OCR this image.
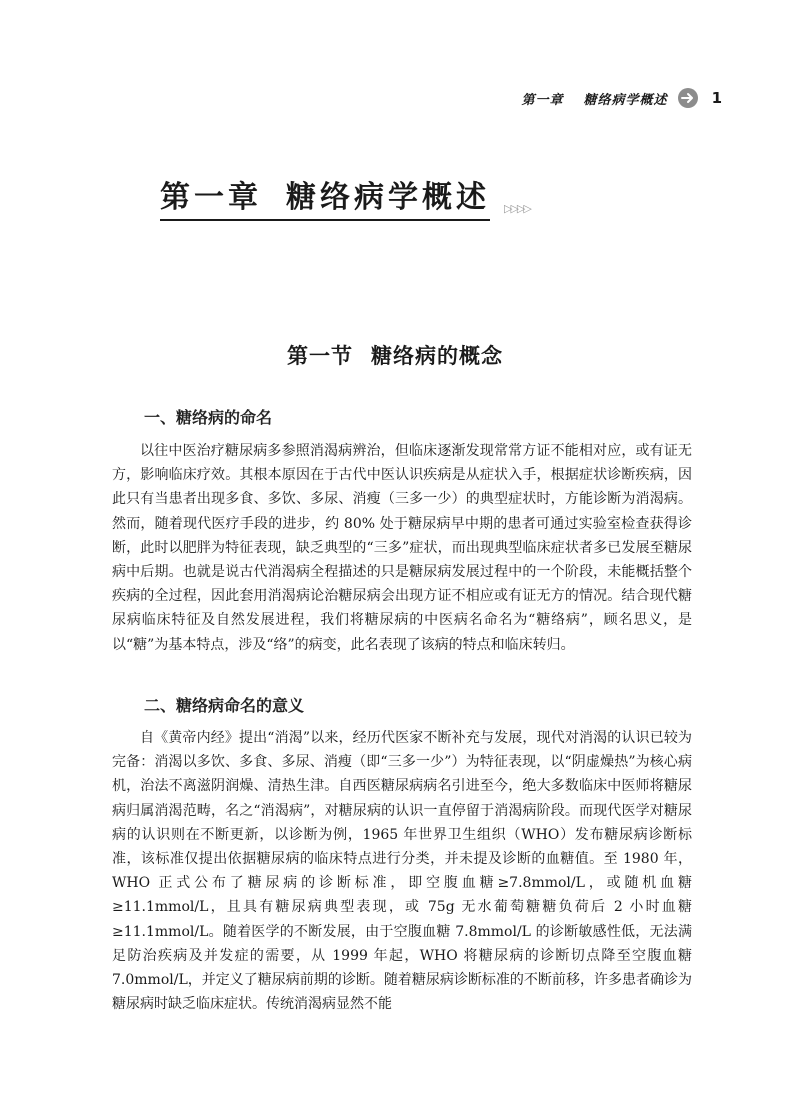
第一章 糖络病学概述	1
第一章 糖络病学概述 ▷▷▷▷
第一节 糖络病的概念
一、糖络病的命名

以往中医治疗糖尿病多参照消渴病辨治，但临床逐渐发现常常方证不能相对应，或有证无方，影响临床疗效。其根本原因在于古代中医认识疾病是从症状入手，根据症状诊断疾病，因此只有当患者出现多食、多饮、多尿、消瘦（三多一少）的典型症状时，方能诊断为消渴病。然而，随着现代医疗手段的进步，约 80% 处于糖尿病早中期的患者可通过实验室检查获得诊断，此时以肥胖为特征表现，缺乏典型的“三多”症状，而出现典型临床症状者多已发展至糖尿病中后期。也就是说古代消渴病全程描述的只是糖尿病发展过程中的一个阶段，未能概括整个疾病的全过程，因此套用消渴病论治糖尿病会出现方证不相应或有证无方的情况。结合现代糖尿病临床特征及自然发展进程，我们将糖尿病的中医病名命名为“糖络病”，顾名思义，是以“糖”为基本特点，涉及“络”的病变，此名表现了该病的特点和临床转归。

二、糖络病命名的意义

自《黄帝内经》提出“消渴”以来，经历代医家不断补充与发展，现代对消渴的认识已较为完备：消渴以多饮、多食、多尿、消瘦（即“三多一少”）为特征表现，以“阴虚燥热”为核心病机，治法不离滋阴润燥、清热生津。自西医糖尿病病名引进至今，绝大多数临床中医师将糖尿病归属消渴范畴，名之“消渴病”，对糖尿病的认识一直停留于消渴病阶段。而现代医学对糖尿病的认识则在不断更新，以诊断为例，1965 年世界卫生组织（WHO）发布糖尿病诊断标准，该标准仅提出依据糖尿病的临床特点进行分类，并未提及诊断的血糖值。至 1980 年，WHO 正式公布了糖尿病的诊断标准，即空腹血糖≥7.8mmol/L，或随机血糖≥11.1mmol/L，且具有糖尿病典型表现，或 75g 无水葡萄糖糖负荷后 2 小时血糖≥11.1mmol/L。随着医学的不断发展，由于空腹血糖 7.8mmol/L 的诊断敏感性低，无法满足防治疾病及并发症的需要，从 1999 年起，WHO 将糖尿病的诊断切点降至空腹血糖 7.0mmol/L，并定义了糖尿病前期的诊断。随着糖尿病诊断标准的不断前移，许多患者确诊为糖尿病时缺乏临床症状。传统消渴病显然不能
